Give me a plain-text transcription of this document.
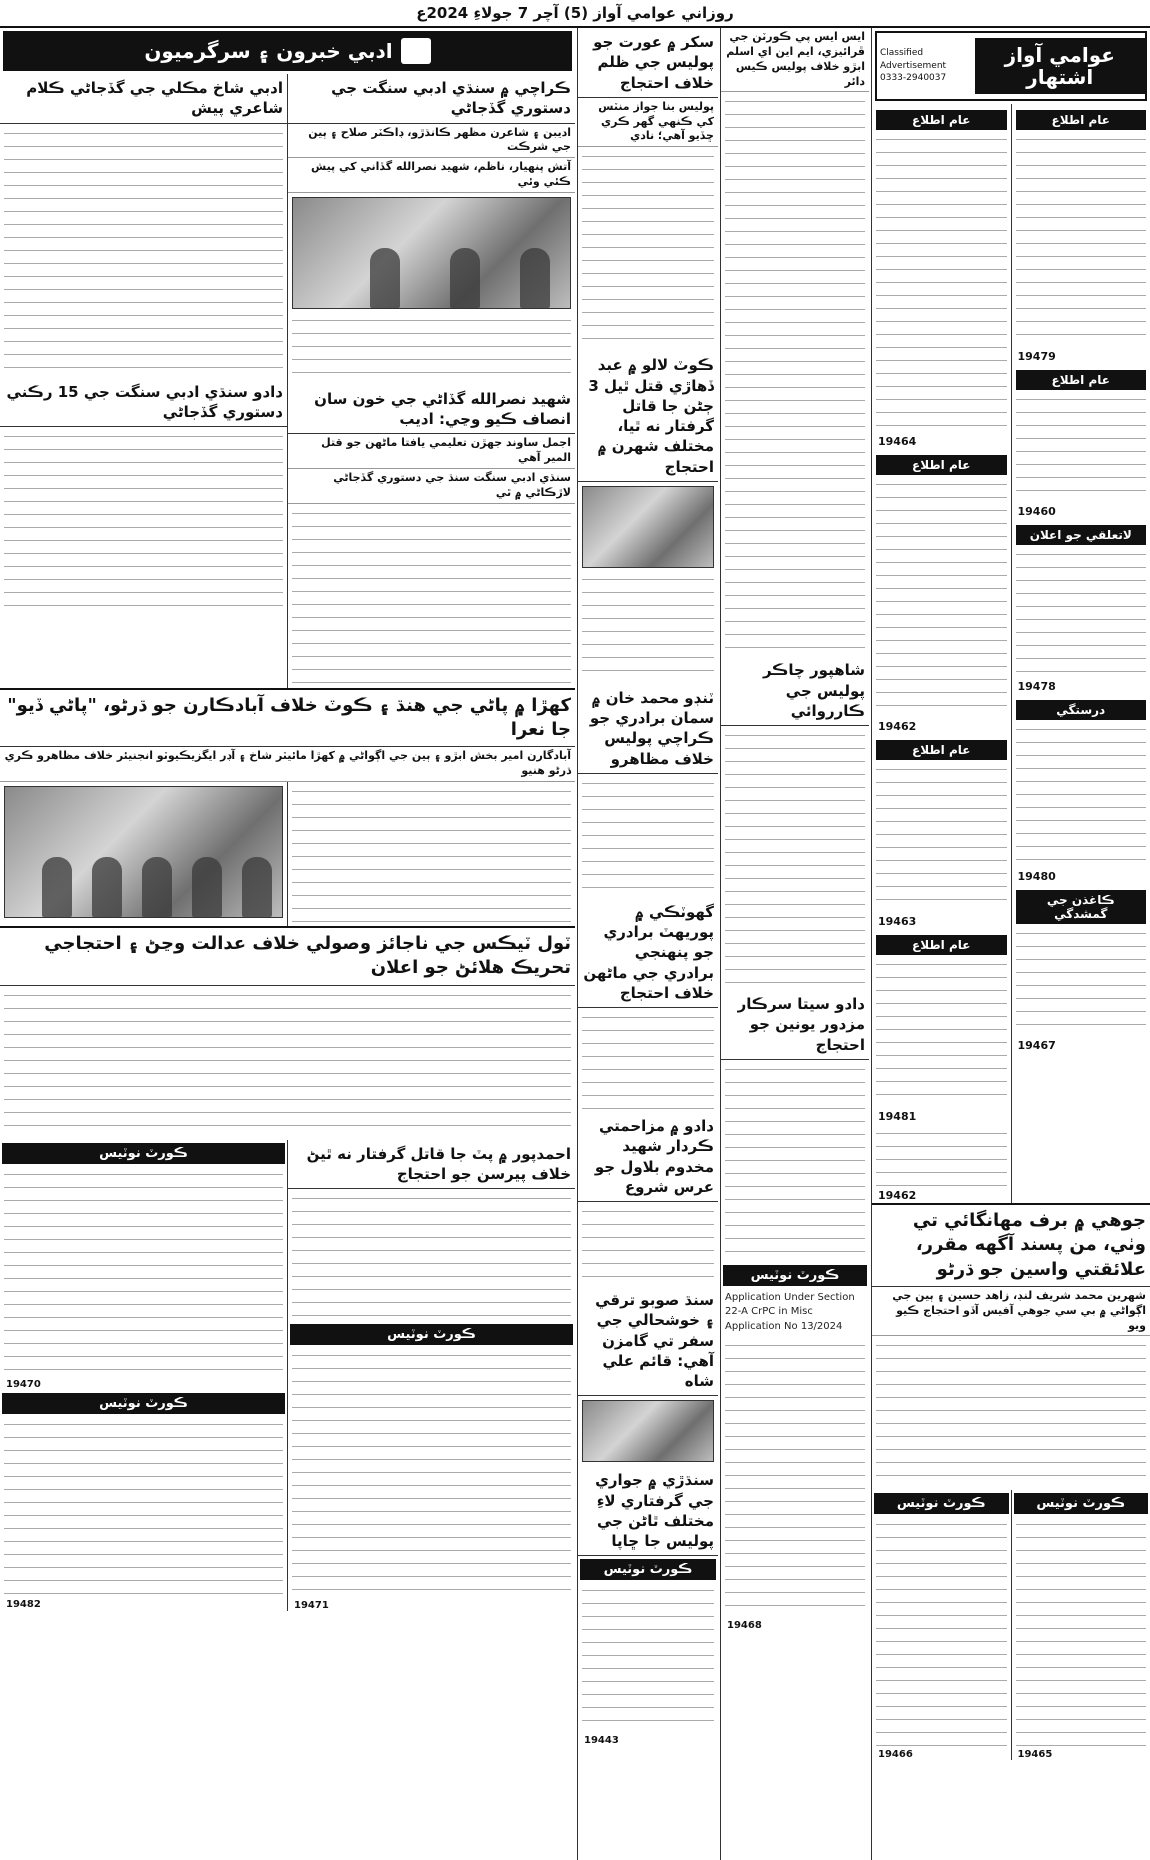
روزاني عوامي آواز (5) آچر 7 جولاءِ 2024ع
عوامي آواز اشتهار
Classified Advertisement
0333-2940037
عام اطلاع
19479
عام اطلاع
19460
لاتعلقي جو اعلان
19478
درستگي
19480
ڪاغذن جي گمشدگي
19467
عام اطلاع
19464
عام اطلاع
19462
عام اطلاع
19463
عام اطلاع
19481
19462
جوهي ۾ برف مهانگائي تي وٺي، من پسند آگهه مقرر، علائقتي واسين جو ڌرڻو
شهرين محمد شريف لنڊ، زاهد حسين ۽ ٻين جي اڳواڻي ۾ بي سي جوهي آفيس آڏو احتجاج ڪيو ويو
ڪورٽ نوٽيس
19465
ڪورٽ نوٽيس
19466
ايس ايس پي ڪورٽن جي ڦرائيزي، ايم اين اي اسلم ابڙو خلاف پوليس ڪيس دائر
شاهپور چاڪر پوليس جي ڪارروائي
دادو سيتا سرڪار مزدور يونين جو احتجاج
ڪورٽ نوٽيس
Application Under Section 22-A CrPC in Misc Application No 13/2024
19468
سکر ۾ عورت جو پوليس جي ظلم خلاف احتجاج
پوليس بنا جواز منٽس کي ڪنهي گهر ڪري ڇڏيو آهي؛ نادي
ڪوٽ لالو ۾ عبد ڏهاڙي قتل ٿيل 3 ڄڻن جا قاتل گرفتار نه ٿيا، مختلف شهرن ۾ احتجاج
ٽنڊو محمد خان ۾ سمان برادري جو ڪراچي پوليس خلاف مظاهرو
گهوٽڪي ۾ پوريهٽ برادري جو پنهنجي برادري جي ماڻهن خلاف احتجاج
دادو ۾ مزاحمتي ڪردار شهيد مخدوم بلاول جو عرس شروع
سنڌ صوبو ترقي ۽ خوشحالي جي سفر تي گامزن آهي: قائم علي شاه
سنڌڙي ۾ جواري جي گرفتاري لاءِ مختلف ٿاڻن جي پوليس جا ڇاپا
ڪورٽ نوٽيس
19443
ادبي خبرون ۽ سرگرميون
ڪراچي ۾ سنڌي ادبي سنگت جي دستوري گڏجاڻي
اديبن ۽ شاعرن مظهر ڪانڌڙو، ڊاڪٽر صلاح ۽ ٻين جي شرڪت
آتش پنهيار، ناظم، شهيد نصرالله گڏاني کي پيش ڪئي وئي
شهيد نصرالله گڏاڻي جي خون سان انصاف ڪيو وڃي: اديب
اجمل ساوند جهڙن تعليمي يافتا ماڻهن جو قتل المير آهي
سنڌي ادبي سنگت سنڌ جي دستوري گڏجاڻي لاڙڪاڻي ۾ ٿي
ادبي شاخ مڪلي جي گڏجاڻي ڪلام شاعري پيش
دادو سنڌي ادبي سنگت جي 15 رڪني دستوري گڏجاڻي
کهڙا ۾ پاڻي جي هنڌ ۽ ڪوٽ خلاف آبادڪارن جو ڌرڻو، "پاڻي ڏيو" جا نعرا
آبادگارن امير بخش ابڙو ۽ ٻين جي اڳواڻي ۾ کهڙا مائيٽر شاخ ۽ آڊر ايگزيڪيوٽو انجنيئر خلاف مظاهرو ڪري ڌرڻو هنيو
ٽول ٽيڪس جي ناجائز وصولي خلاف عدالت وڃڻ ۽ احتجاجي تحريڪ هلائڻ جو اعلان
احمدپور ۾ پٽ جا قاتل گرفتار نه ٿيڻ خلاف پيرسن جو احتجاج
ڪورٽ نوٽيس
19471
ڪورٽ نوٽيس
19470
ڪورٽ نوٽيس
19482
